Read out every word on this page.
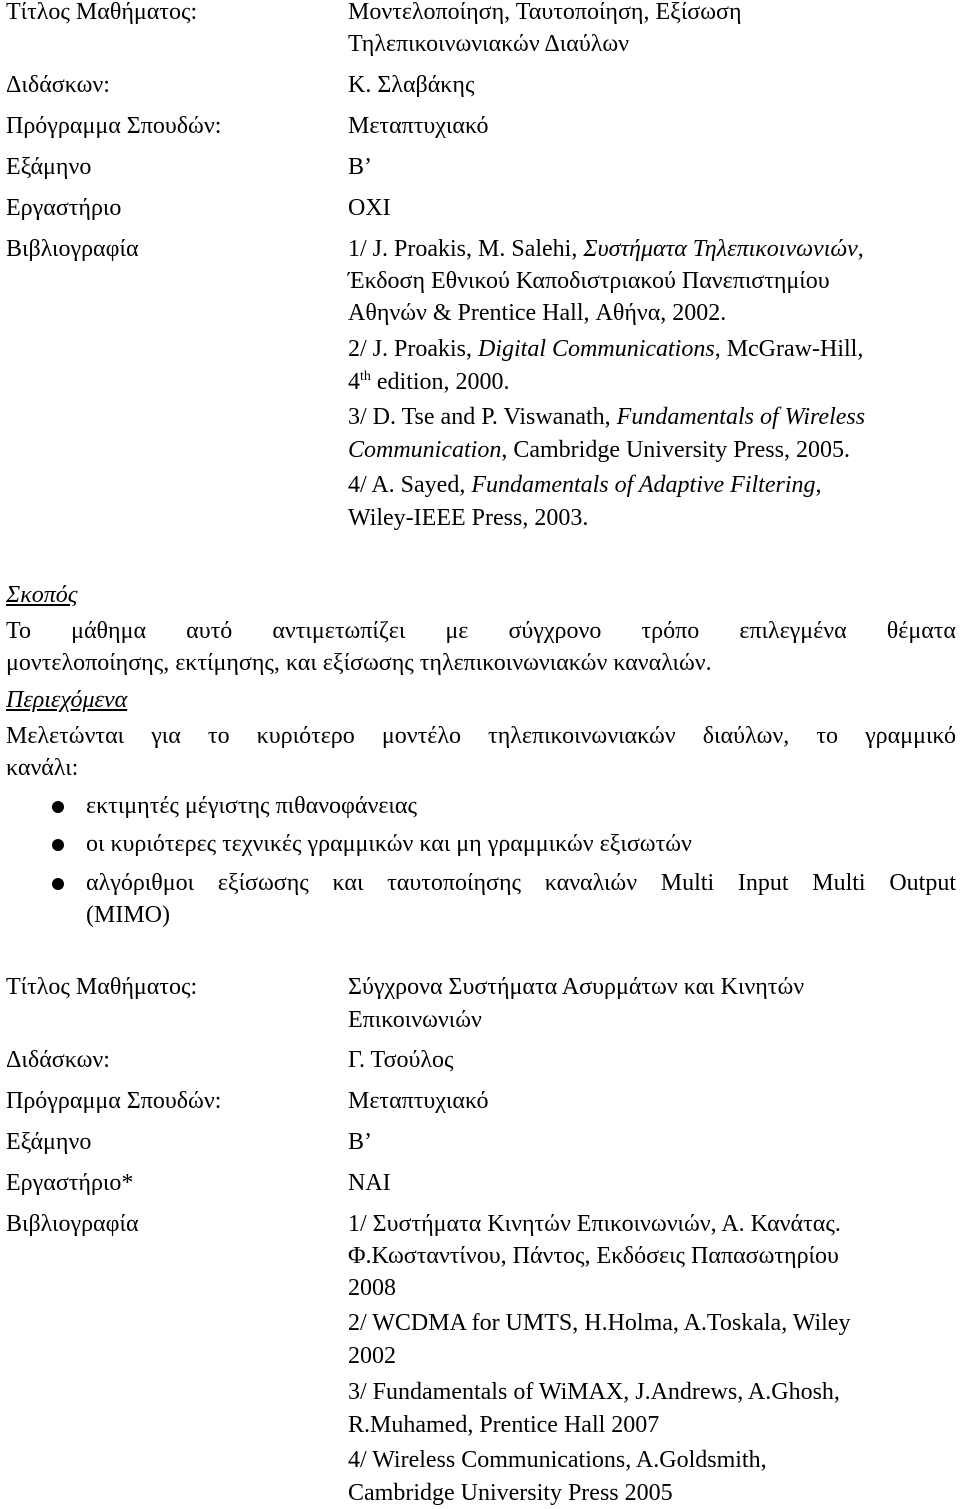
Τίτλος Μαθήματος:	Μοντελοποίηση, Ταυτοποίηση, Εξίσωση
Τηλεπικοινωνιακών Διαύλων
Διδάσκων:	Κ. Σλαβάκης
Πρόγραμμα Σπουδών:	Μεταπτυχιακό
Εξάμηνο	Β’
Εργαστήριο	ΟΧΙ
Βιβλιογραφία	1/ J. Proakis, M. Salehi, Συστήματα Τηλεπικοινωνιών,
Έκδοση Εθνικού Καποδιστριακού Πανεπιστημίου
Αθηνών & Prentice Hall, Αθήνα, 2002.
2/ J. Proakis, Digital Communications, McGraw-Hill,
4th edition, 2000.
3/ D. Tse and P. Viswanath, Fundamentals of Wireless
Communication, Cambridge University Press, 2005.
4/ A. Sayed, Fundamentals of Adaptive Filtering,
Wiley-IEEE Press, 2003.
Σκοπός
Το μάθημα αυτό αντιμετωπίζει με σύγχρονο τρόπο επιλεγμένα θέματα
μοντελοποίησης, εκτίμησης, και εξίσωσης τηλεπικοινωνιακών καναλιών.
Περιεχόμενα
Μελετώνται για το κυριότερο μοντέλο τηλεπικοινωνιακών διαύλων, το γραμμικό
κανάλι:
εκτιμητές μέγιστης πιθανοφάνειας
οι κυριότερες τεχνικές γραμμικών και μη γραμμικών εξισωτών
αλγόριθμοι εξίσωσης και ταυτοποίησης καναλιών Multi Input Multi Output
(MIMO)
Τίτλος Μαθήματος:	Σύγχρονα Συστήματα Ασυρμάτων και Κινητών
Επικοινωνιών
Διδάσκων:	Γ. Τσούλος
Πρόγραμμα Σπουδών:	Μεταπτυχιακό
Εξάμηνο	Β’
Εργαστήριο*	ΝΑΙ
Βιβλιογραφία	1/ Συστήματα Κινητών Επικοινωνιών, Α. Κανάτας.
Φ.Κωσταντίνου, Πάντος, Εκδόσεις Παπασωτηρίου
2008
2/ WCDMA for UMTS, H.Holma, A.Toskala, Wiley
2002
3/ Fundamentals of WiMAX, J.Andrews, A.Ghosh,
R.Muhamed, Prentice Hall 2007
4/ Wireless Communications, A.Goldsmith,
Cambridge University Press 2005
